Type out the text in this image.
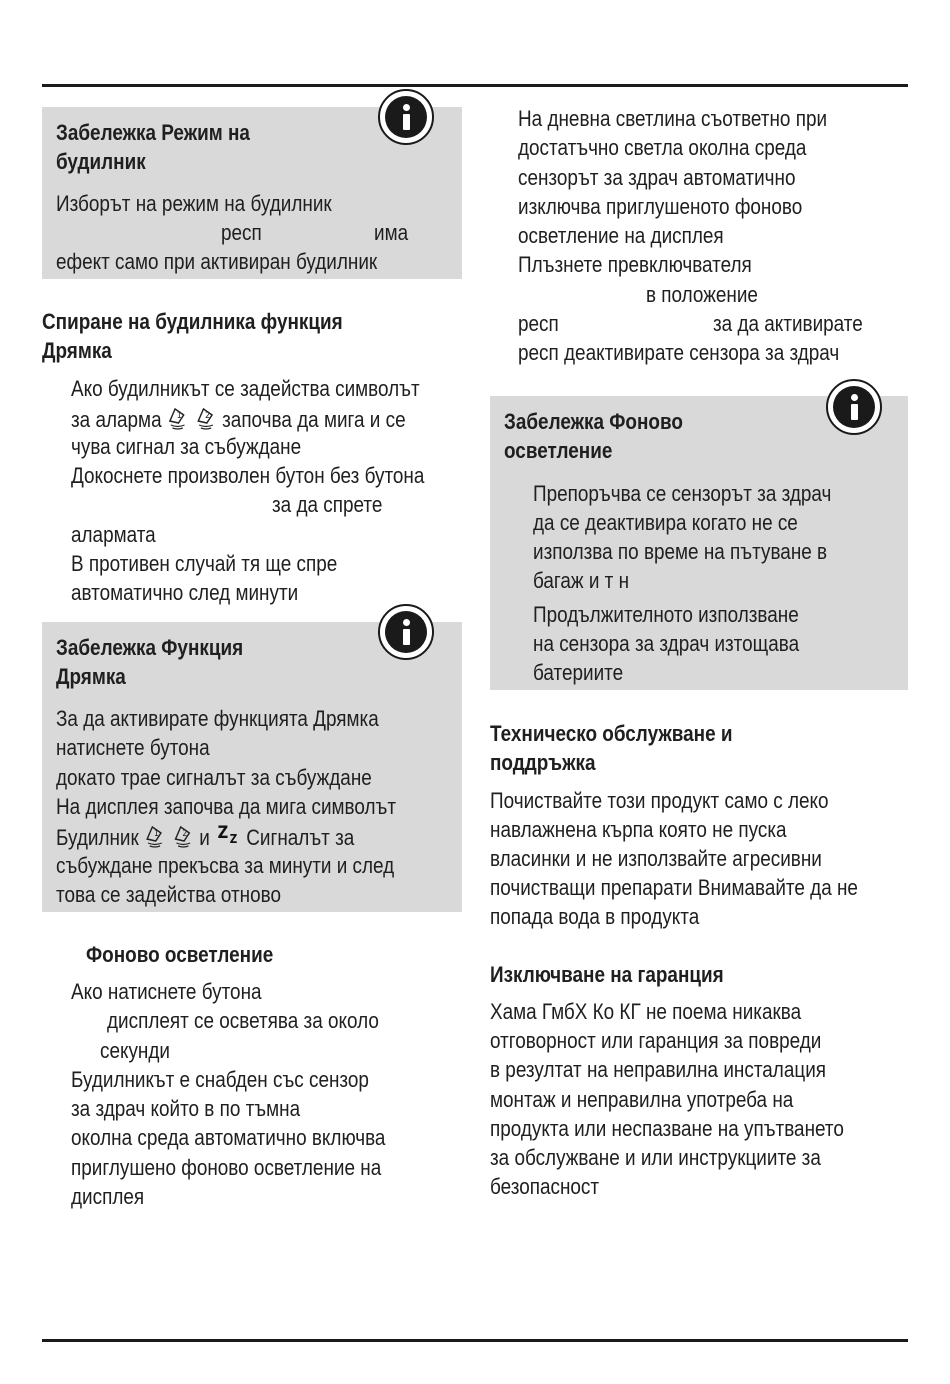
Забележка Режим на
будилник
Изборът на режим на будилник
респ	има
ефект само при активиран будилник
Спиране на будилника функция
Дрямка
Ако будилникът се задейства символът
за аларма 1
	2 започва да мига и се
чува сигнал за събуждане
Докоснете произволен бутон без бутона
за да спрете
алармата
В противен случай тя ще спре
автоматично след минути
Забележка Функция
Дрямка
За да активирате функцията Дрямка
натиснете бутона
докато трае сигналът за събуждане
На дисплея започва да мига символът
Будилник 1
	2 и Z Z Сигналът за
събуждане прекъсва за минути и след
това се задейства отново
Фоново осветление
Ако натиснете бутона
дисплеят се осветява за около
секунди
Будилникът е снабден със сензор
за здрач който в по тъмна
околна среда автоматично включва
приглушено фоново осветление на
дисплея
На дневна светлина съответно при
достатъчно светла околна среда
сензорът за здрач автоматично
изключва приглушеното фоново
осветление на дисплея
Плъзнете превключвателя
в положение
респ	за да активирате
респ деактивирате сензора за здрач
Забележка Фоново
осветление
Препоръчва се сензорът за здрач
да се деактивира когато не се
използва по време на пътуване в
багаж и т н
Продължителното използване
на сензора за здрач изтощава
батериите
Техническо обслужване и
поддръжка
Почиствайте този продукт само с леко
навлажнена кърпа която не пуска
власинки и не използвайте агресивни
почистващи препарати Внимавайте да не
попада вода в продукта
Изключване на гаранция
Хама ГмбХ Ко КГ не поема никаква
отговорност или гаранция за повреди
в резултат на неправилна инсталация
монтаж и неправилна употреба на
продукта или неспазване на упътването
за обслужване и или инструкциите за
безопасност
